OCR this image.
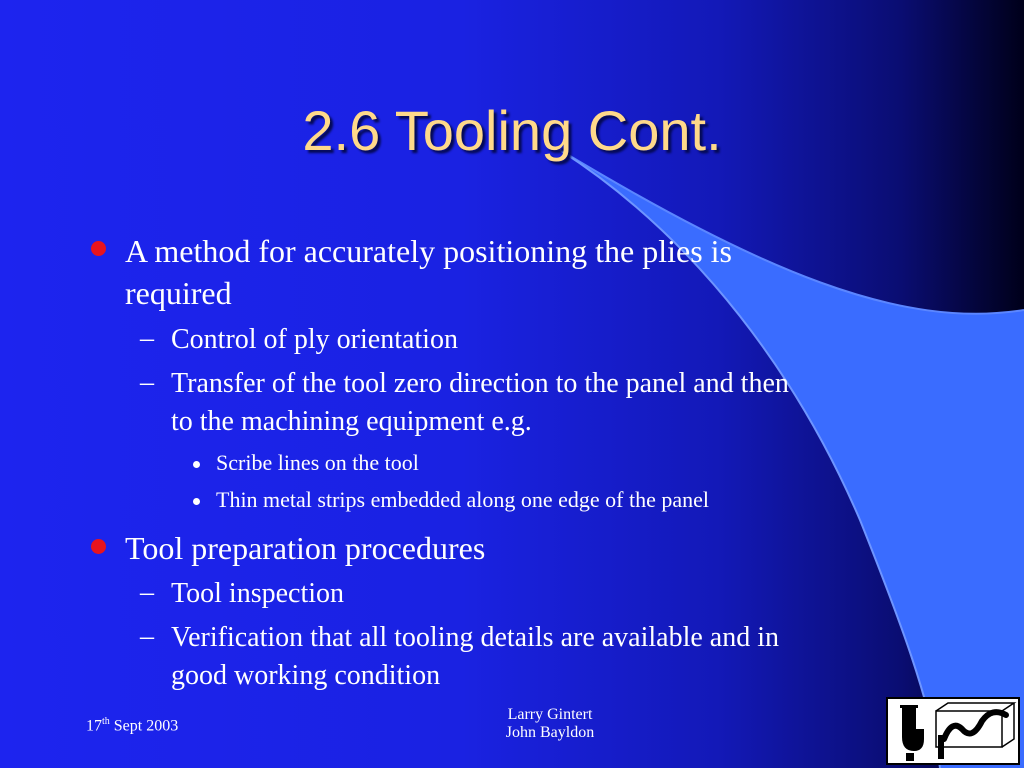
2.6 Tooling Cont.
A method for accurately positioning the plies is
required
– Control of ply orientation
– Transfer of the tool zero direction to the panel and then
to the machining equipment e.g.
Scribe lines on the tool
Thin metal strips embedded along one edge of the panel
Tool preparation procedures
– Tool inspection
– Verification that all tooling details are available and in
good working condition
17th Sept 2003
Larry Gintert
John Bayldon
